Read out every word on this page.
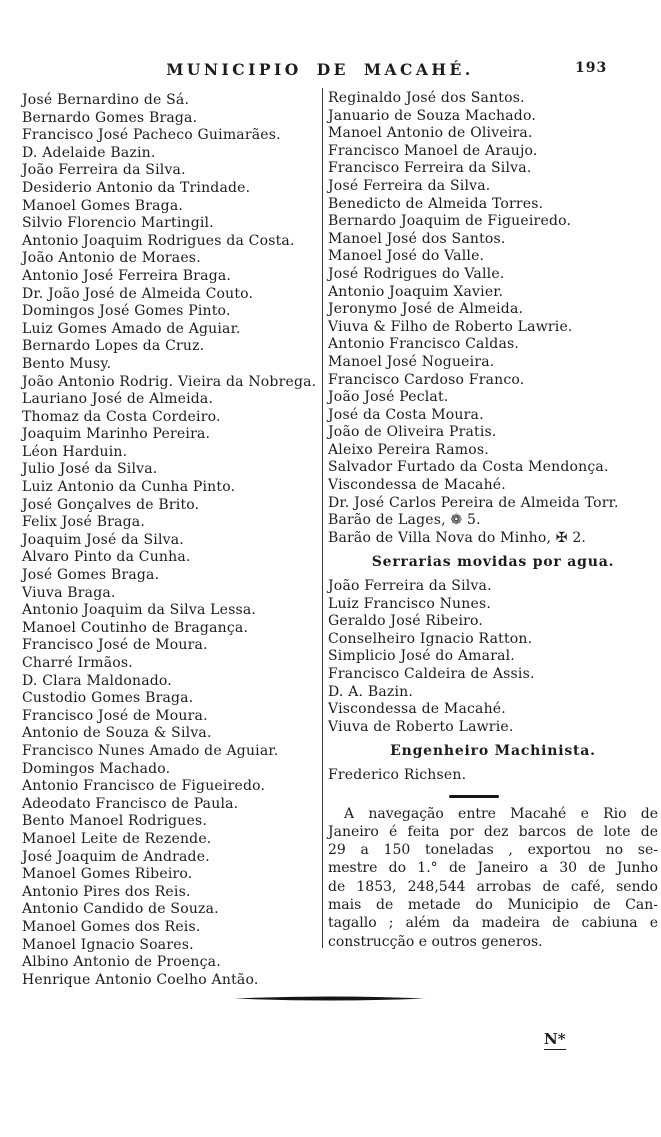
MUNICIPIO DE MACAHÉ.	193
José Bernardino de Sá.
Bernardo Gomes Braga.
Francisco José Pacheco Guimarães.
D. Adelaide Bazin.
João Ferreira da Silva.
Desiderio Antonio da Trindade.
Manoel Gomes Braga.
Silvio Florencio Martingil.
Antonio Joaquim Rodrigues da Costa.
João Antonio de Moraes.
Antonio José Ferreira Braga.
Dr. João José de Almeida Couto.
Domingos José Gomes Pinto.
Luiz Gomes Amado de Aguiar.
Bernardo Lopes da Cruz.
Bento Musy.
João Antonio Rodrig. Vieira da Nobrega.
Lauriano José de Almeida.
Thomaz da Costa Cordeiro.
Joaquim Marinho Pereira.
Léon Harduin.
Julio José da Silva.
Luiz Antonio da Cunha Pinto.
José Gonçalves de Brito.
Felix José Braga.
Joaquim José da Silva.
Alvaro Pinto da Cunha.
José Gomes Braga.
Viuva Braga.
Antonio Joaquim da Silva Lessa.
Manoel Coutinho de Bragança.
Francisco José de Moura.
Charré Irmãos.
D. Clara Maldonado.
Custodio Gomes Braga.
Francisco José de Moura.
Antonio de Souza & Silva.
Francisco Nunes Amado de Aguiar.
Domingos Machado.
Antonio Francisco de Figueiredo.
Adeodato Francisco de Paula.
Bento Manoel Rodrigues.
Manoel Leite de Rezende.
José Joaquim de Andrade.
Manoel Gomes Ribeiro.
Antonio Pires dos Reis.
Antonio Candido de Souza.
Manoel Gomes dos Reis.
Manoel Ignacio Soares.
Albino Antonio de Proença.
Henrique Antonio Coelho Antão.
Reginaldo José dos Santos.
Januario de Souza Machado.
Manoel Antonio de Oliveira.
Francisco Manoel de Araujo.
Francisco Ferreira da Silva.
José Ferreira da Silva.
Benedicto de Almeida Torres.
Bernardo Joaquim de Figueiredo.
Manoel José dos Santos.
Manoel José do Valle.
José Rodrigues do Valle.
Antonio Joaquim Xavier.
Jeronymo José de Almeida.
Viuva & Filho de Roberto Lawrie.
Antonio Francisco Caldas.
Manoel José Nogueira.
Francisco Cardoso Franco.
João José Peclat.
José da Costa Moura.
João de Oliveira Pratis.
Aleixo Pereira Ramos.
Salvador Furtado da Costa Mendonça.
Viscondessa de Macahé.
Dr. José Carlos Pereira de Almeida Torr.
Barão de Lages, ❁ 5.
Barão de Villa Nova do Minho, ✠ 2.
Serrarias movidas por agua.
João Ferreira da Silva.
Luiz Francisco Nunes.
Geraldo José Ribeiro.
Conselheiro Ignacio Ratton.
Simplicio José do Amaral.
Francisco Caldeira de Assis.
D. A. Bazin.
Viscondessa de Macahé.
Viuva de Roberto Lawrie.
Engenheiro Machinista.
Frederico Richsen.
A navegação entre Macahé e Rio de
Janeiro é feita por dez barcos de lote de
29 a 150 toneladas , exportou no se-
mestre do 1.° de Janeiro a 30 de Junho
de 1853, 248,544 arrobas de café, sendo
mais de metade do Municipio de Can-
tagallo ; além da madeira de cabiuna e
construcção e outros generos.
N*
